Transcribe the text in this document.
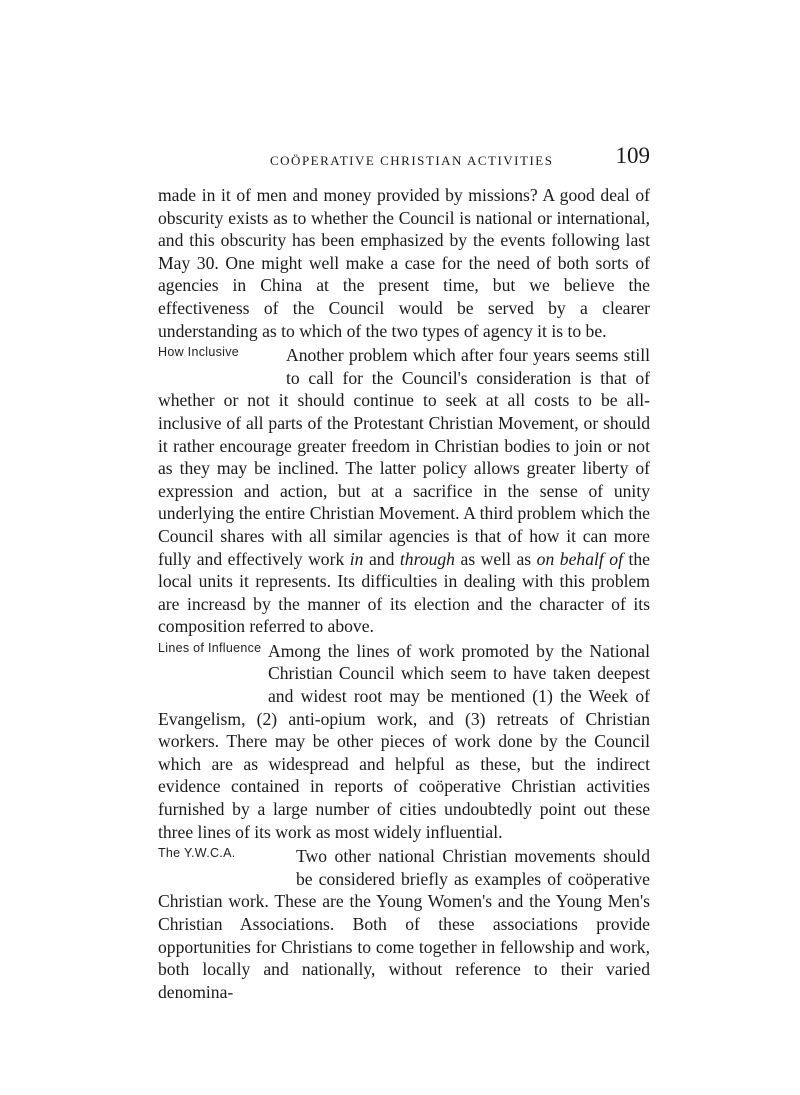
COÖPERATIVE CHRISTIAN ACTIVITIES	109

made in it of men and money provided by missions? A good deal of obscurity exists as to whether the Council is national or international, and this obscurity has been emphasized by the events following last May 30. One might well make a case for the need of both sorts of agencies in China at the present time, but we believe the effectiveness of the Council would be served by a clearer understanding as to which of the two types of agency it is to be.

How Inclusive	Another problem which after four years seems still to call for the Council's consideration is that of whether or not it should continue to seek at all costs to be all-inclusive of all parts of the Protestant Christian Movement, or should it rather encourage greater freedom in Christian bodies to join or not as they may be inclined. The latter policy allows greater liberty of expression and action, but at a sacrifice in the sense of unity underlying the entire Christian Movement. A third problem which the Council shares with all similar agencies is that of how it can more fully and effectively work in and through as well as on behalf of the local units it represents. Its difficulties in dealing with this problem are increasd by the manner of its election and the character of its composition referred to above.

Lines of Influence Among the lines of work promoted by the National Christian Council which seem to have taken deepest and widest root may be mentioned (1) the Week of Evangelism, (2) anti-opium work, and (3) retreats of Christian workers. There may be other pieces of work done by the Council which are as widespread and helpful as these, but the indirect evidence contained in reports of coöperative Christian activities furnished by a large number of cities undoubtedly point out these three lines of its work as most widely influential.

The Y.W.C.A.	Two other national Christian movements should be considered briefly as examples of coöperative Christian work. These are the Young Women's and the Young Men's Christian Associations. Both of these associations provide opportunities for Christians to come together in fellowship and work, both locally and nationally, without reference to their varied denomina-
